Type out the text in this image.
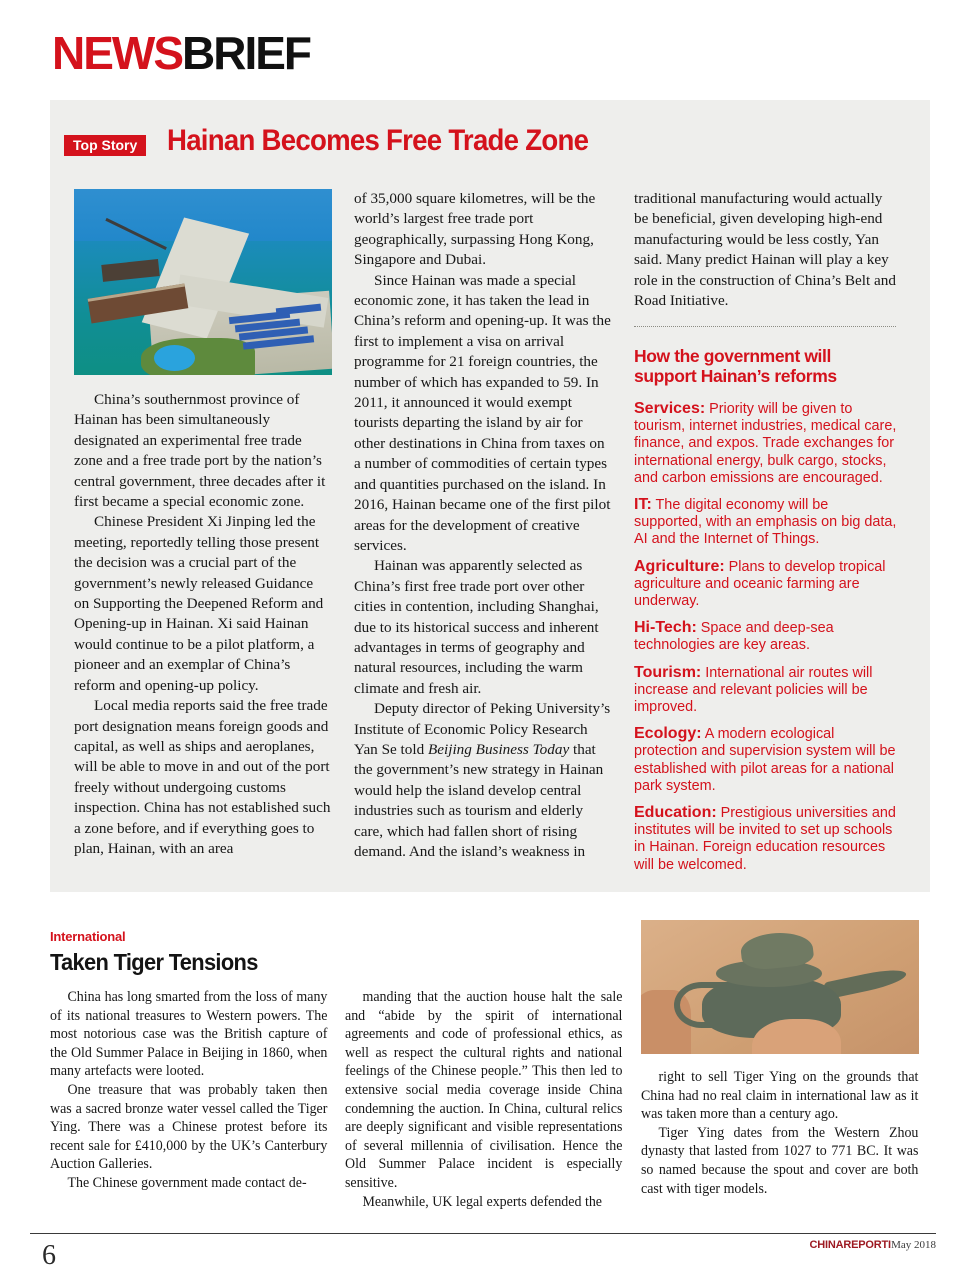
NEWSBRIEF
Top Story Hainan Becomes Free Trade Zone

China’s southernmost province of Hainan has been simultaneously designated an experimental free trade zone and a free trade port by the nation’s central government, three decades after it first became a special economic zone.

Chinese President Xi Jinping led the meeting, reportedly telling those present the decision was a crucial part of the government’s newly released Guidance on Supporting the Deepened Reform and Opening-up in Hainan. Xi said Hainan would continue to be a pilot platform, a pioneer and an exemplar of China’s reform and opening-up policy.

Local media reports said the free trade port designation means foreign goods and capital, as well as ships and aeroplanes, will be able to move in and out of the port freely without undergoing customs inspection. China has not established such a zone before, and if everything goes to plan, Hainan, with an area

of 35,000 square kilometres, will be the world’s largest free trade port geographically, surpassing Hong Kong, Singapore and Dubai.

Since Hainan was made a special economic zone, it has taken the lead in China’s reform and opening-up. It was the first to implement a visa on arrival programme for 21 foreign countries, the number of which has expanded to 59. In 2011, it announced it would exempt tourists departing the island by air for other destinations in China from taxes on a number of commodities of certain types and quantities purchased on the island. In 2016, Hainan became one of the first pilot areas for the development of creative services.

Hainan was apparently selected as China’s first free trade port over other cities in contention, including Shanghai, due to its historical success and inherent advantages in terms of geography and natural resources, including the warm climate and fresh air.

Deputy director of Peking University’s Institute of Economic Policy Research Yan Se told Beijing Business Today that the government’s new strategy in Hainan would help the island develop central industries such as tourism and elderly care, which had fallen short of rising demand. And the island’s weakness in

traditional manufacturing would actually be beneficial, given developing high-end manufacturing would be less costly, Yan said. Many predict Hainan will play a key role in the construction of China’s Belt and Road Initiative.

How the government will support Hainan’s reforms
Services: Priority will be given to tourism, internet industries, medical care, finance, and expos. Trade exchanges for international energy, bulk cargo, stocks, and carbon emissions are encouraged.
IT: The digital economy will be supported, with an emphasis on big data, AI and the Internet of Things.
Agriculture: Plans to develop tropical agriculture and oceanic farming are underway.
Hi-Tech: Space and deep-sea technologies are key areas.
Tourism: International air routes will increase and relevant policies will be improved.
Ecology: A modern ecological protection and supervision system will be established with pilot areas for a national park system.
Education: Prestigious universities and institutes will be invited to set up schools in Hainan. Foreign education resources will be welcomed.
International
Taken Tiger Tensions

China has long smarted from the loss of many of its national treasures to Western powers. The most notorious case was the British capture of the Old Summer Palace in Beijing in 1860, when many artefacts were looted.

One treasure that was probably taken then was a sacred bronze water vessel called the Tiger Ying. There was a Chinese protest before its recent sale for £410,000 by the UK’s Canterbury Auction Galleries.

The Chinese government made contact de-

manding that the auction house halt the sale and “abide by the spirit of international agreements and code of professional ethics, as well as respect the cultural rights and national feelings of the Chinese people.” This then led to extensive social media coverage inside China condemning the auction. In China, cultural relics are deeply significant and visible representations of several millennia of civilisation. Hence the Old Summer Palace incident is especially sensitive.

Meanwhile, UK legal experts defended the

right to sell Tiger Ying on the grounds that China had no real claim in international law as it was taken more than a century ago.

Tiger Ying dates from the Western Zhou dynasty that lasted from 1027 to 771 BC. It was so named because the spout and cover are both cast with tiger models.

6	CHINAREPORTIMay 2018
